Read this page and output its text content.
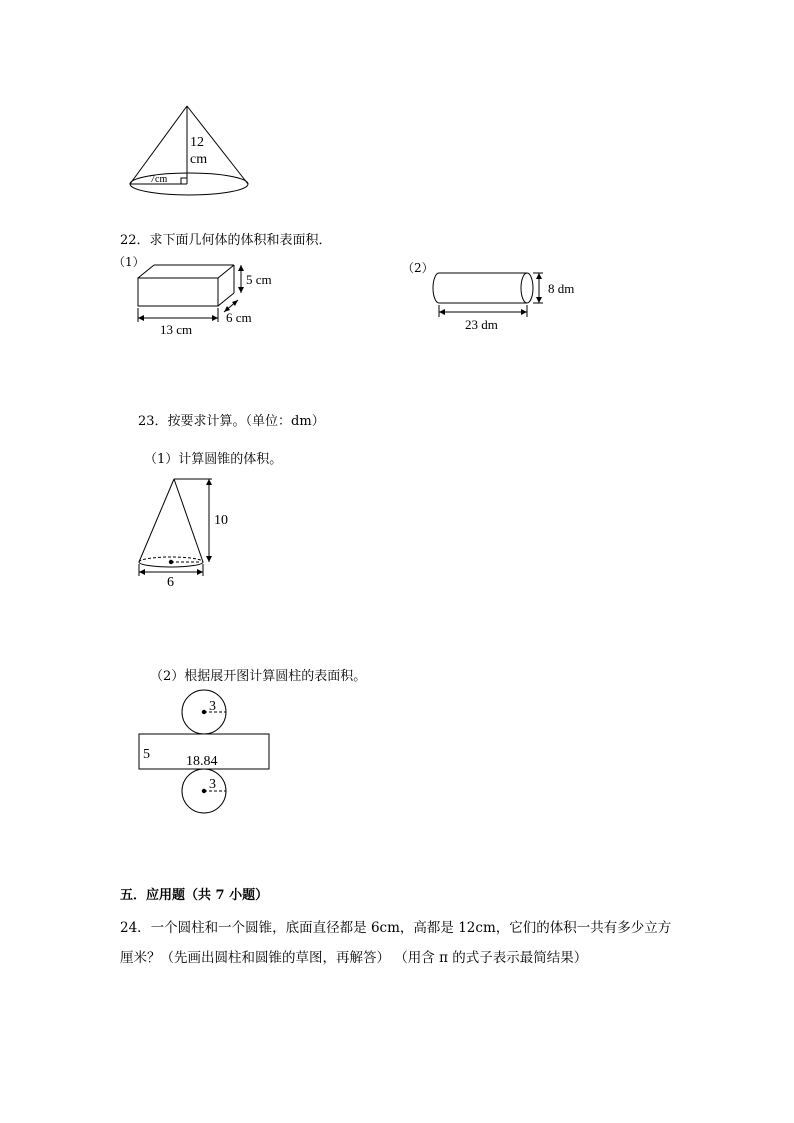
12
cm
7cm
22．求下面几何体的体积和表面积．
（1）
5 cm
6 cm
13 cm
（2）
8 dm
23 dm
23．按要求计算。（单位：dm）
（1）计算圆锥的体积。
10
6
（2）根据展开图计算圆柱的表面积。
3
5	18.84
3
五．应用题（共 7 小题）
24．一个圆柱和一个圆锥，底面直径都是 6cm，高都是 12cm，它们的体积一共有多少立方
厘米？（先画出圆柱和圆锥的草图，再解答） （用含 π 的式子表示最简结果）
